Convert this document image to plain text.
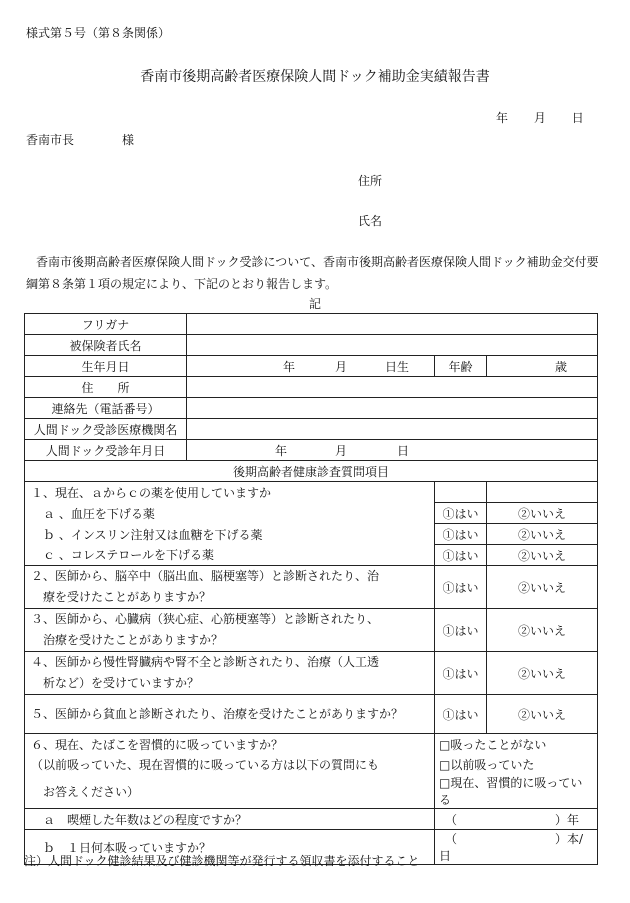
様式第５号（第８条関係）
香南市後期高齢者医療保険人間ドック補助金実績報告書
年 月 日
香南市長	様
住所
氏名
香南市後期高齢者医療保険人間ドック受診について、香南市後期高齢者医療保険人間ドック補助金交付要綱第８条第１項の規定により、下記のとおり報告します。
記
フリガナ			
被保険者氏名			
生年月日	年 月 日生	年齢	歳
住　　所			
連絡先（電話番号）			
人間ドック受診医療機関名			
人間ドック受診年月日	年 月 日		
後期高齢者健康診査質問項目			
１、現在、ａからｃの薬を使用していますか			
ａ 、血圧を下げる薬		①はい	②いいえ
ｂ 、インスリン注射又は血糖を下げる薬		①はい	②いいえ
ｃ 、コレステロールを下げる薬		①はい	②いいえ

２、医師から、脳卒中（脳出血、脳梗塞等）と診断されたり、治
療を受けたことがありますか？		①はい	②いいえ

３、医師から、心臓病（狭心症、心筋梗塞等）と診断されたり、
治療を受けたことがありますか？		①はい	②いいえ

４、医師から慢性腎臓病や腎不全と診断されたり、治療（人工透
析など）を受けていますか？		①はい	②いいえ
５、医師から貧血と診断されたり、治療を受けたことがありますか？		①はい	②いいえ
６、現在、たばこを習慣的に吸っていますか？		□吸ったことがない	
（以前吸っていた、現在習慣的に吸っている方は以下の質問にも		□以前吸っていた	
お答えください）		□現在、習慣的に吸っている	
ａ　喫煙した年数はどの程度ですか？		（ ）年	
ｂ　１日何本吸っていますか？		（ ）本/日	
注）人間ドック健診結果及び健診機関等が発行する領収書を添付すること
